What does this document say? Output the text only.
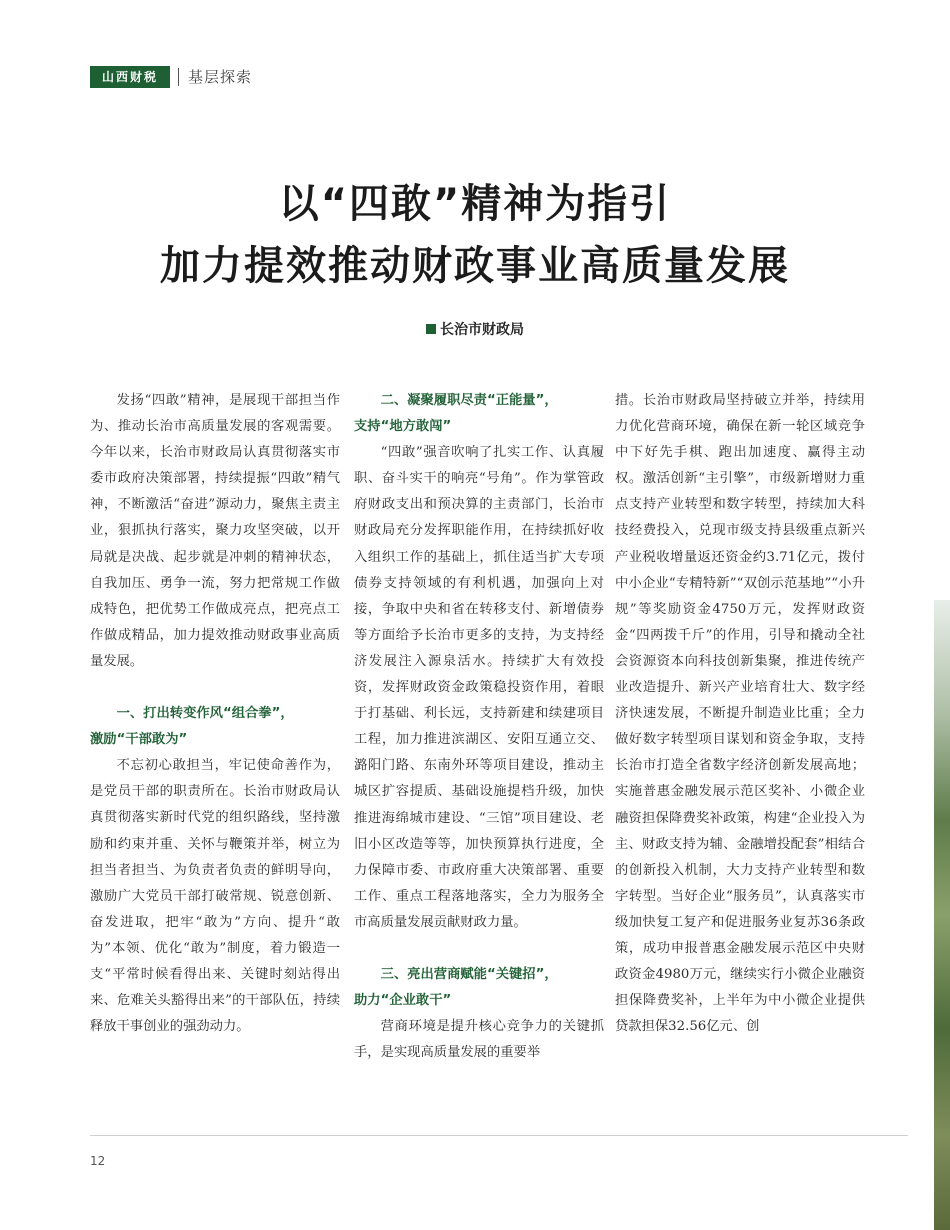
山西财税	基层探索
以“四敢”精神为指引
加力提效推动财政事业高质量发展
长治市财政局

发扬“四敢”精神，是展现干部担当作为、推动长治市高质量发展的客观需要。今年以来，长治市财政局认真贯彻落实市委市政府决策部署，持续提振“四敢”精气神，不断激活“奋进”源动力，聚焦主责主业，狠抓执行落实，聚力攻坚突破，以开局就是决战、起步就是冲刺的精神状态，自我加压、勇争一流，努力把常规工作做成特色，把优势工作做成亮点，把亮点工作做成精品，加力提效推动财政事业高质量发展。

一、打出转变作风“组合拳”，
激励“干部敢为”

不忘初心敢担当，牢记使命善作为，是党员干部的职责所在。长治市财政局认真贯彻落实新时代党的组织路线，坚持激励和约束并重、关怀与鞭策并举，树立为担当者担当、为负责者负责的鲜明导向，激励广大党员干部打破常规、锐意创新、奋发进取，把牢“敢为”方向、提升“敢为”本领、优化“敢为”制度，着力锻造一支“平常时候看得出来、关键时刻站得出来、危难关头豁得出来”的干部队伍，持续释放干事创业的强劲动力。

二、凝聚履职尽责“正能量”，
支持“地方敢闯”

“四敢”强音吹响了扎实工作、认真履职、奋斗实干的响亮“号角”。作为掌管政府财政支出和预决算的主责部门，长治市财政局充分发挥职能作用，在持续抓好收入组织工作的基础上，抓住适当扩大专项债券支持领域的有利机遇，加强向上对接，争取中央和省在转移支付、新增债券等方面给予长治市更多的支持，为支持经济发展注入源泉活水。持续扩大有效投资，发挥财政资金政策稳投资作用，着眼于打基础、利长远，支持新建和续建项目工程，加力推进滨湖区、安阳互通立交、潞阳门路、东南外环等项目建设，推动主城区扩容提质、基础设施提档升级，加快推进海绵城市建设、“三馆”项目建设、老旧小区改造等等，加快预算执行进度，全力保障市委、市政府重大决策部署、重要工作、重点工程落地落实，全力为服务全市高质量发展贡献财政力量。

三、亮出营商赋能“关键招”，
助力“企业敢干”

营商环境是提升核心竞争力的关键抓手，是实现高质量发展的重要举

措。长治市财政局坚持破立并举，持续用力优化营商环境，确保在新一轮区域竞争中下好先手棋、跑出加速度、赢得主动权。激活创新“主引擎”，市级新增财力重点支持产业转型和数字转型，持续加大科技经费投入，兑现市级支持县级重点新兴产业税收增量返还资金约3.71亿元，拨付中小企业“专精特新”“双创示范基地”“小升规”等奖励资金4750万元，发挥财政资金“四两拨千斤”的作用，引导和撬动全社会资源资本向科技创新集聚，推进传统产业改造提升、新兴产业培育壮大、数字经济快速发展，不断提升制造业比重；全力做好数字转型项目谋划和资金争取，支持长治市打造全省数字经济创新发展高地；实施普惠金融发展示范区奖补、小微企业融资担保降费奖补政策，构建“企业投入为主、财政支持为辅、金融增投配套”相结合的创新投入机制，大力支持产业转型和数字转型。当好企业“服务员”，认真落实市级加快复工复产和促进服务业复苏36条政策，成功申报普惠金融发展示范区中央财政资金4980万元，继续实行小微企业融资担保降费奖补，上半年为中小微企业提供贷款担保32.56亿元、创

12
